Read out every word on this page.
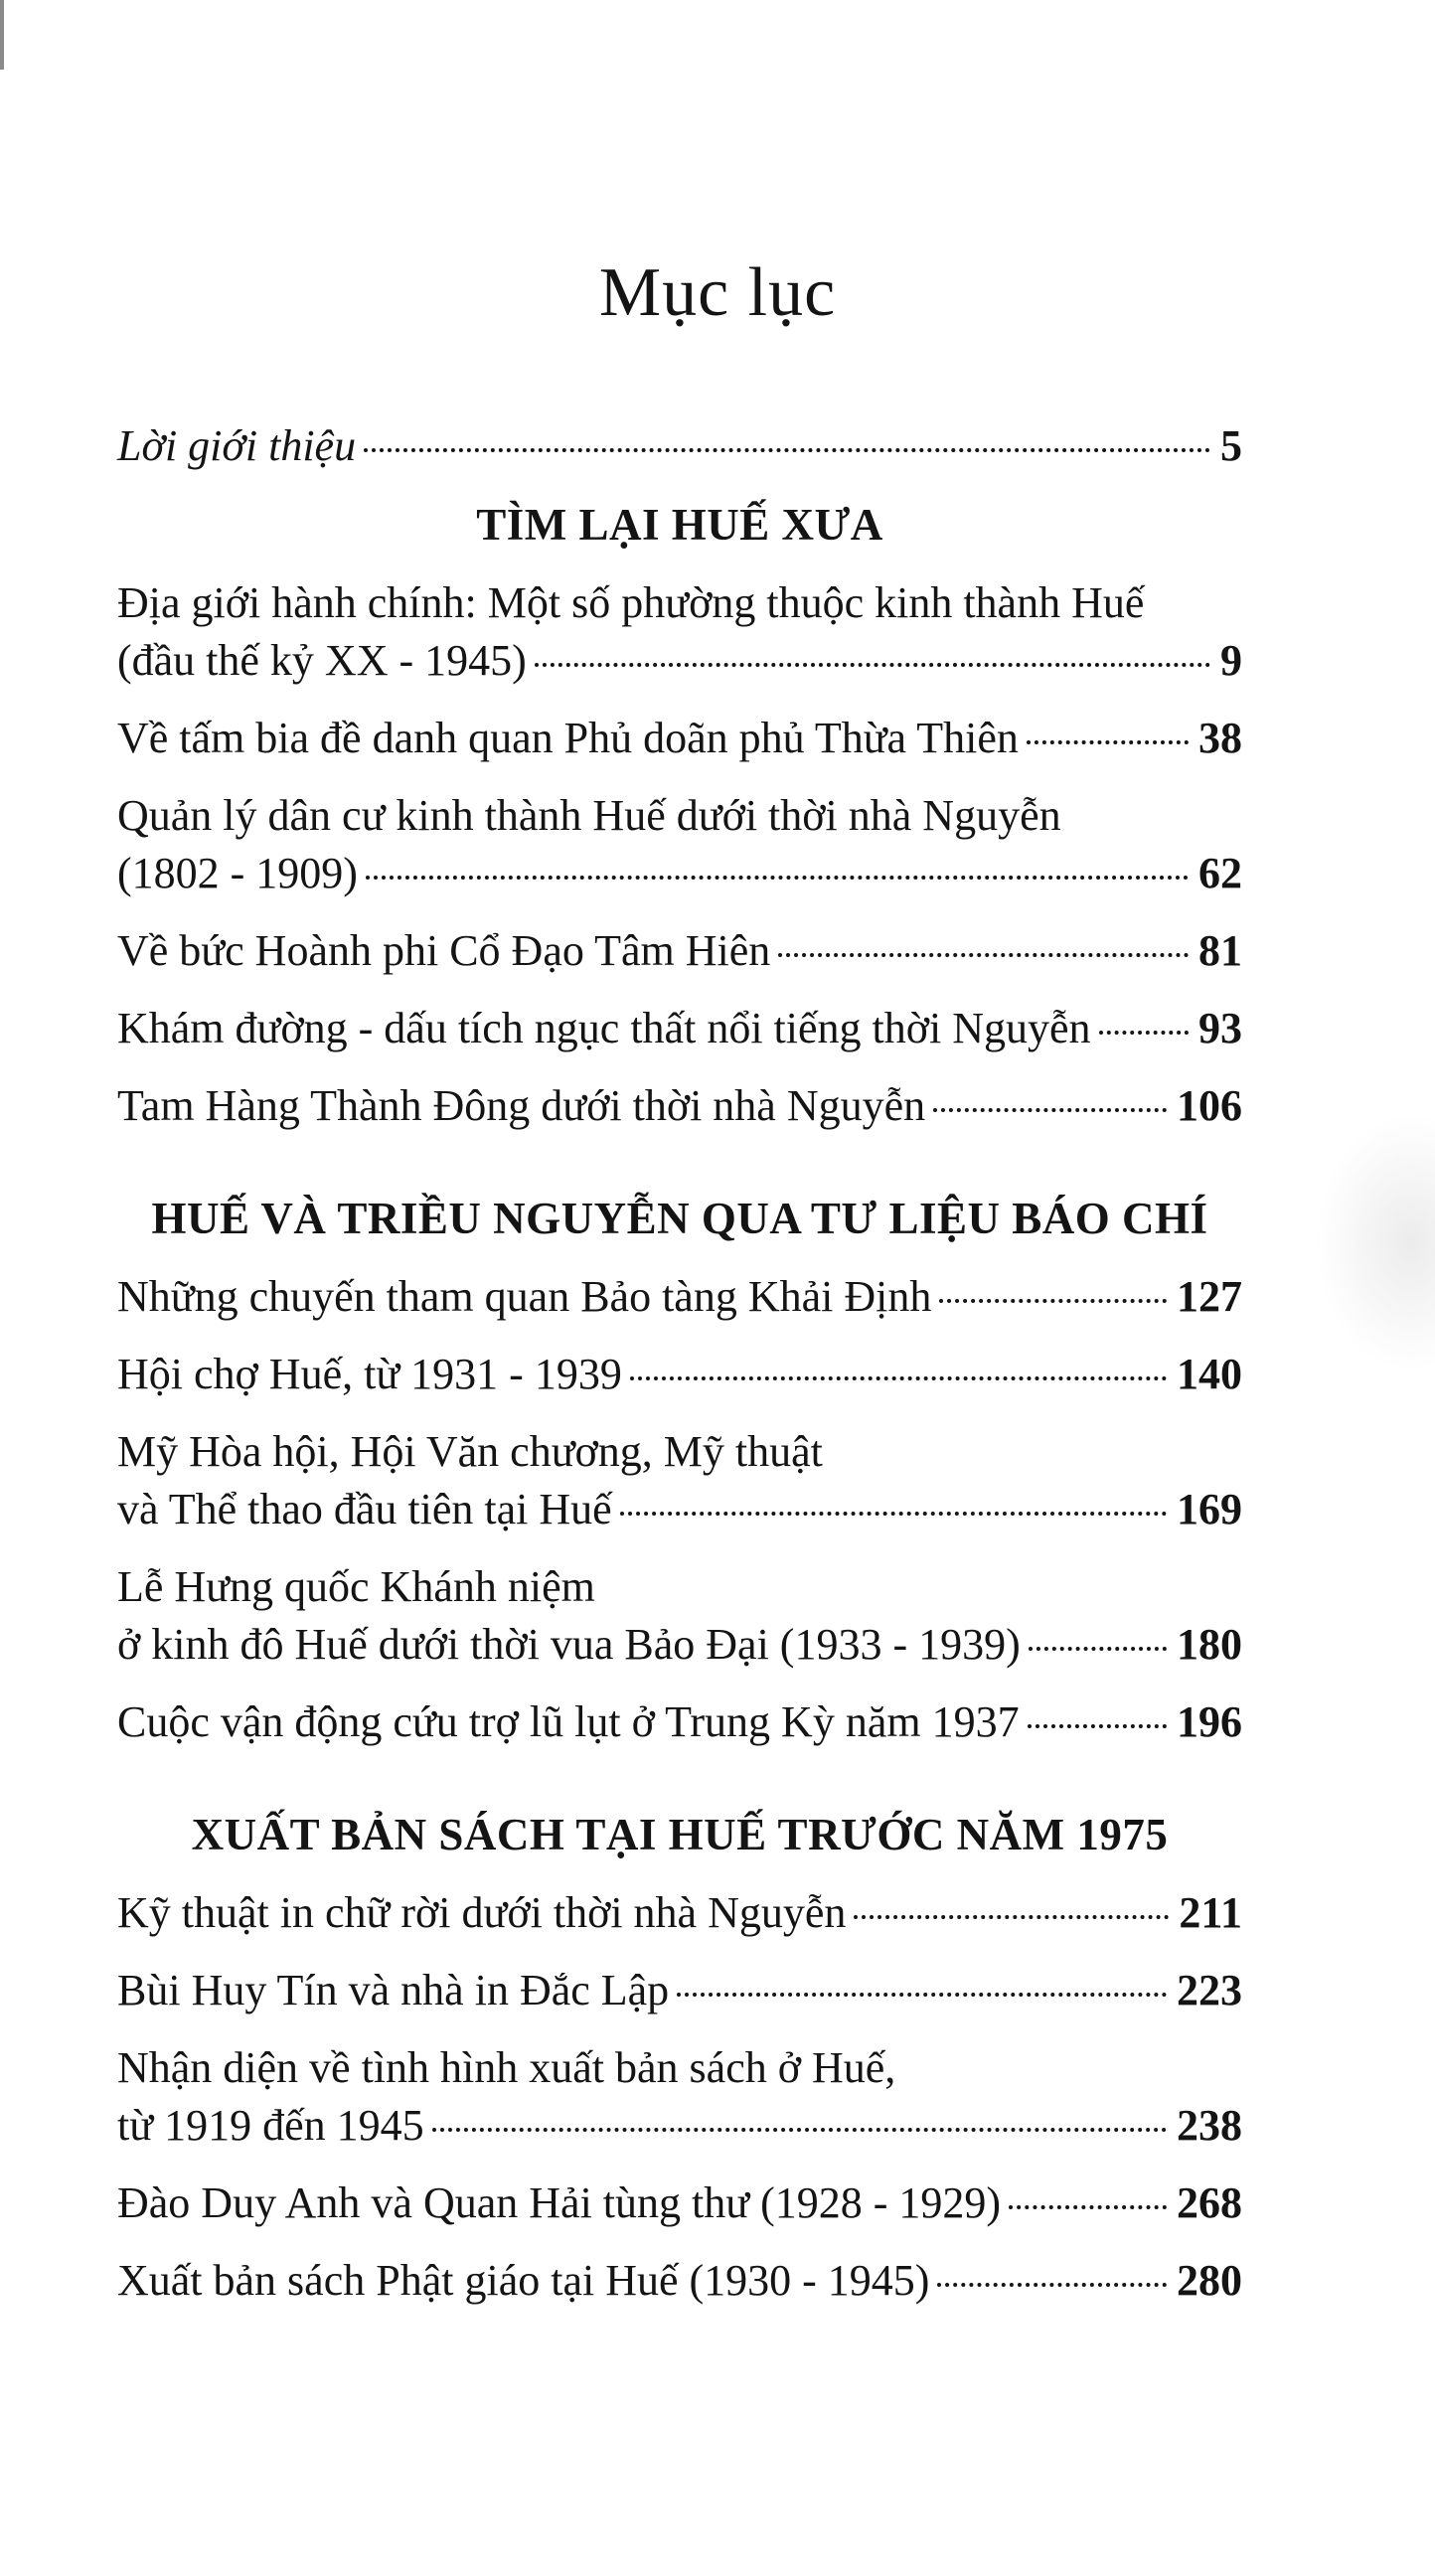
Mục lục
Lời giới thiệu	5
TÌM LẠI HUẾ XƯA
Địa giới hành chính: Một số phường thuộc kinh thành Huế
(đầu thế kỷ XX - 1945)	9
Về tấm bia đề danh quan Phủ doãn phủ Thừa Thiên	38
Quản lý dân cư kinh thành Huế dưới thời nhà Nguyễn
(1802 - 1909)	62
Về bức Hoành phi Cổ Đạo Tâm Hiên	81
Khám đường - dấu tích ngục thất nổi tiếng thời Nguyễn 93
Tam Hàng Thành Đông dưới thời nhà Nguyễn	106
HUẾ VÀ TRIỀU NGUYỄN QUA TƯ LIỆU BÁO CHÍ
Những chuyến tham quan Bảo tàng Khải Định	127
Hội chợ Huế, từ 1931 - 1939	140
Mỹ Hòa hội, Hội Văn chương, Mỹ thuật
và Thể thao đầu tiên tại Huế	169
Lễ Hưng quốc Khánh niệm
ở kinh đô Huế dưới thời vua Bảo Đại (1933 - 1939)	180
Cuộc vận động cứu trợ lũ lụt ở Trung Kỳ năm 1937	196
XUẤT BẢN SÁCH TẠI HUẾ TRƯỚC NĂM 1975
Kỹ thuật in chữ rời dưới thời nhà Nguyễn	211
Bùi Huy Tín và nhà in Đắc Lập	223
Nhận diện về tình hình xuất bản sách ở Huế,
từ 1919 đến 1945	238
Đào Duy Anh và Quan Hải tùng thư (1928 - 1929)	268
Xuất bản sách Phật giáo tại Huế (1930 - 1945)	280
